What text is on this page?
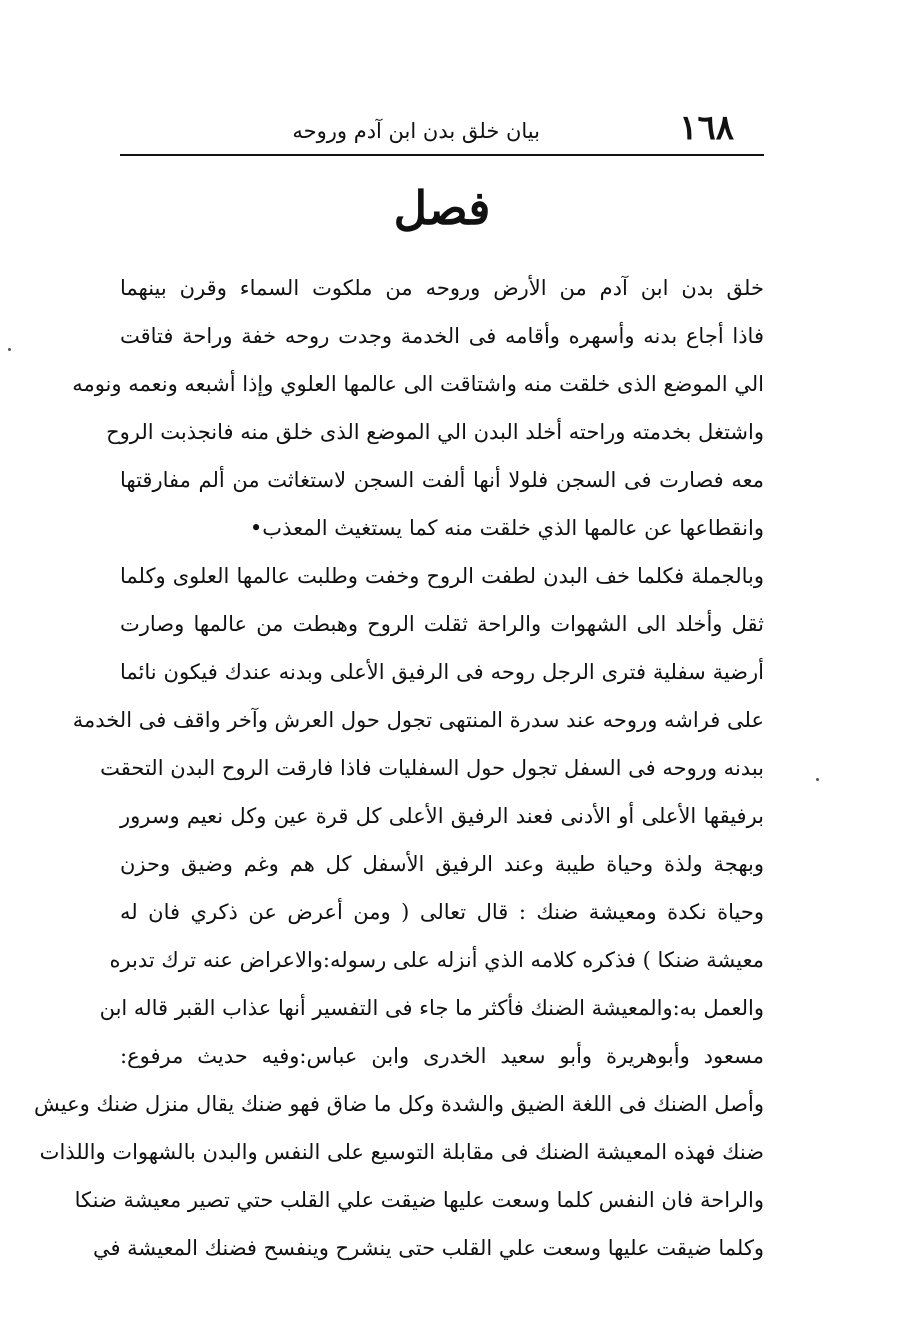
١٦٨
بيان خلق بدن ابن آدم وروحه
فصل
خلق بدن ابن آدم من الأرض وروحه من ملكوت السماء وقرن بينهما
فاذا أجاع بدنه وأسهره وأقامه فى الخدمة وجدت روحه خفة وراحة فتاقت
الي الموضع الذى خلقت منه واشتاقت الى عالمها العلوي وإذا أشبعه ونعمه ونومه
واشتغل بخدمته وراحته أخلد البدن الي الموضع الذى خلق منه فانجذبت الروح
معه فصارت فى السجن فلولا أنها ألفت السجن لاستغاثت من ألم مفارقتها
وانقطاعها عن عالمها الذي خلقت منه كما يستغيث المعذب•
وبالجملة فكلما خف البدن لطفت الروح وخفت وطلبت عالمها العلوى وكلما
ثقل وأخلد الى الشهوات والراحة ثقلت الروح وهبطت من عالمها وصارت
أرضية سفلية فترى الرجل روحه فى الرفيق الأعلى وبدنه عندك فيكون نائما
على فراشه وروحه عند سدرة المنتهى تجول حول العرش وآخر واقف فى الخدمة
ببدنه وروحه فى السفل تجول حول السفليات فاذا فارقت الروح البدن التحقت
برفيقها الأعلى أو الأدنى فعند الرفيق الأعلى كل قرة عين وكل نعيم وسرور
وبهجة ولذة وحياة طيبة وعند الرفيق الأسفل كل هم وغم وضيق وحزن
وحياة نكدة ومعيشة ضنك : قال تعالى ( ومن أعرض عن ذكري فان له
معيشة ضنكا ) فذكره كلامه الذي أنزله على رسوله:والاعراض عنه ترك تدبره
والعمل به:والمعيشة الضنك فأكثر ما جاء فى التفسير أنها عذاب القبر قاله ابن
مسعود وأبوهريرة وأبو سعيد الخدرى وابن عباس:وفيه حديث مرفوع:
وأصل الضنك فى اللغة الضيق والشدة وكل ما ضاق فهو ضنك يقال منزل ضنك وعيش
ضنك فهذه المعيشة الضنك فى مقابلة التوسيع على النفس والبدن بالشهوات واللذات
والراحة فان النفس كلما وسعت عليها ضيقت علي القلب حتي تصير معيشة ضنكا
وكلما ضيقت عليها وسعت علي القلب حتى ينشرح وينفسح فضنك المعيشة في
